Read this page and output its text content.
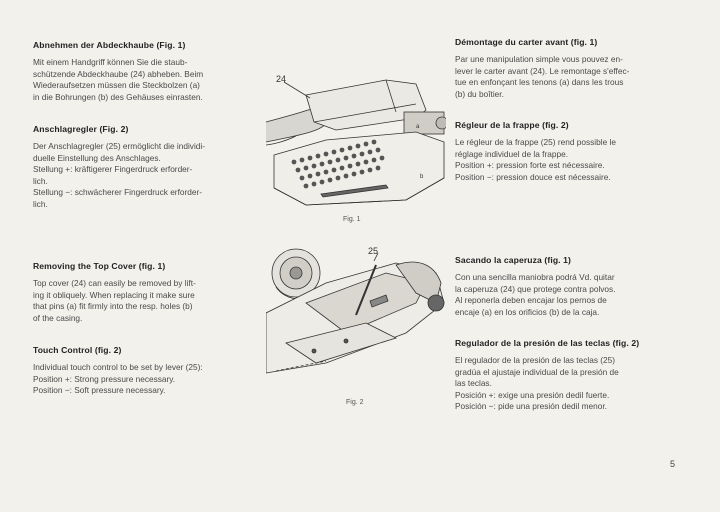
Abnehmen der Abdeckhaube (Fig. 1)

Mit einem Handgriff können Sie die staub-

schützende Abdeckhaube (24) abheben. Beim

Wiederaufsetzen müssen die Steckbolzen (a)

in die Bohrungen (b) des Gehäuses einrasten.

Anschlagregler (Fig. 2)

Der Anschlagregler (25) ermöglicht die individi-

duelle Einstellung des Anschlages.

Stellung +: kräftigerer Fingerdruck erforder-

lich.

Stellung −: schwächerer Fingerdruck erforder-

lich.

Removing the Top Cover (fig. 1)

Top cover (24) can easily be removed by lift-

ing it obliquely. When replacing it make sure

that pins (a) fit firmly into the resp. holes (b)

of the casing.

Touch Control (fig. 2)

Individual touch control to be set by lever (25):

Position +: Strong pressure necessary.

Position −: Soft pressure necessary.

Démontage du carter avant (fig. 1)

Par une manipulation simple vous pouvez en-

lever le carter avant (24). Le remontage s'effec-

tue en enfonçant les tenons (a) dans les trous

(b) du boîtier.

Régleur de la frappe (fig. 2)

Le régleur de la frappe (25) rend possible le

réglage individuel de la frappe.

Position +: pression forte est nécessaire.

Position −: pression douce est nécessaire.

Sacando la caperuza (fig. 1)

Con una sencilla maniobra podrá Vd. quitar

la caperuza (24) que protege contra polvos.

Al reponerla deben encajar los pernos de

encaje (a) en los orificios (b) de la caja.

Regulador de la presión de las teclas (fig. 2)

El regulador de la presión de las teclas (25)

gradúa el ajustaje individual de la presión de

las teclas.

Posición +: exige una presión dedil fuerte.

Posición −: pide una presión dedil menor.

24
b
a
Fig. 1
25
Fig. 2
5
